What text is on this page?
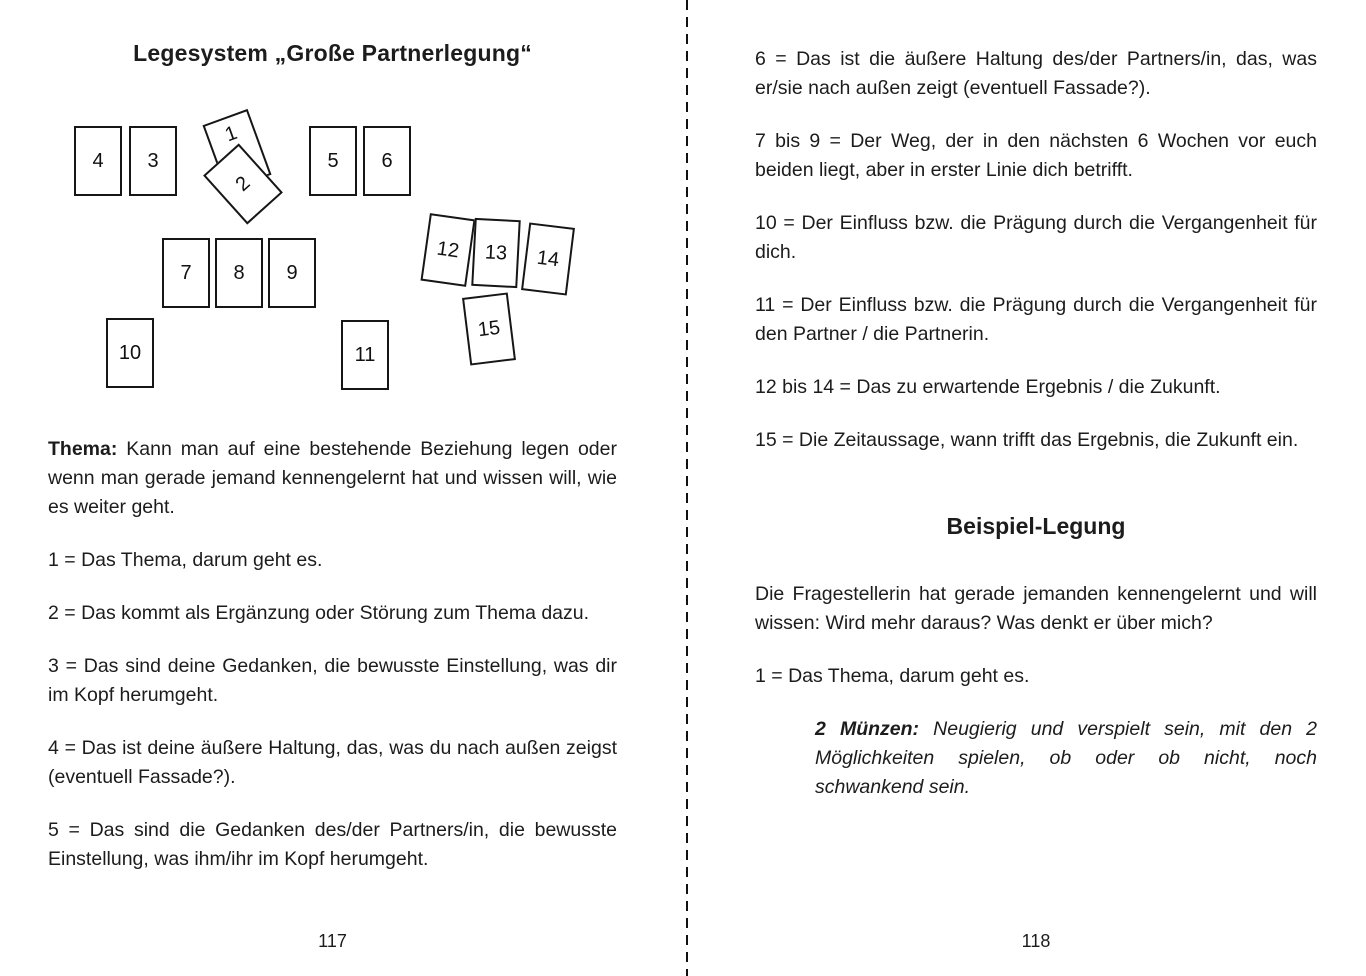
Legesystem „Große Partnerlegung“
4 3
1
2
5 6
7 8 9
12 13 14
15
10	11

Thema: Kann man auf eine bestehende Beziehung legen oder wenn man gerade jemand kennengelernt hat und wissen will, wie es weiter geht.

1 = Das Thema, darum geht es.

2 = Das kommt als Ergänzung oder Störung zum Thema dazu.

3 = Das sind deine Gedanken, die bewusste Einstellung, was dir im Kopf herumgeht.

4 = Das ist deine äußere Haltung, das, was du nach außen zeigst (eventuell Fassade?).

5 = Das sind die Gedanken des/der Partners/in, die bewusste Einstellung, was ihm/ihr im Kopf herumgeht.

117

6 = Das ist die äußere Haltung des/der Partners/in, das, was er/sie nach außen zeigt (eventuell Fassade?).

7 bis 9 = Der Weg, der in den nächsten 6 Wochen vor euch beiden liegt, aber in erster Linie dich betrifft.

10 = Der Einfluss bzw. die Prägung durch die Vergangenheit für dich.

11 = Der Einfluss bzw. die Prägung durch die Vergangenheit für den Partner / die Partnerin.

12 bis 14 = Das zu erwartende Ergebnis / die Zukunft.

15 = Die Zeitaussage, wann trifft das Ergebnis, die Zukunft ein.

Beispiel-Legung

Die Fragestellerin hat gerade jemanden kennengelernt und will wissen: Wird mehr daraus? Was denkt er über mich?

1 = Das Thema, darum geht es.

2 Münzen: Neugierig und verspielt sein, mit den 2 Möglichkeiten spielen, ob oder ob nicht, noch schwankend sein.

118
